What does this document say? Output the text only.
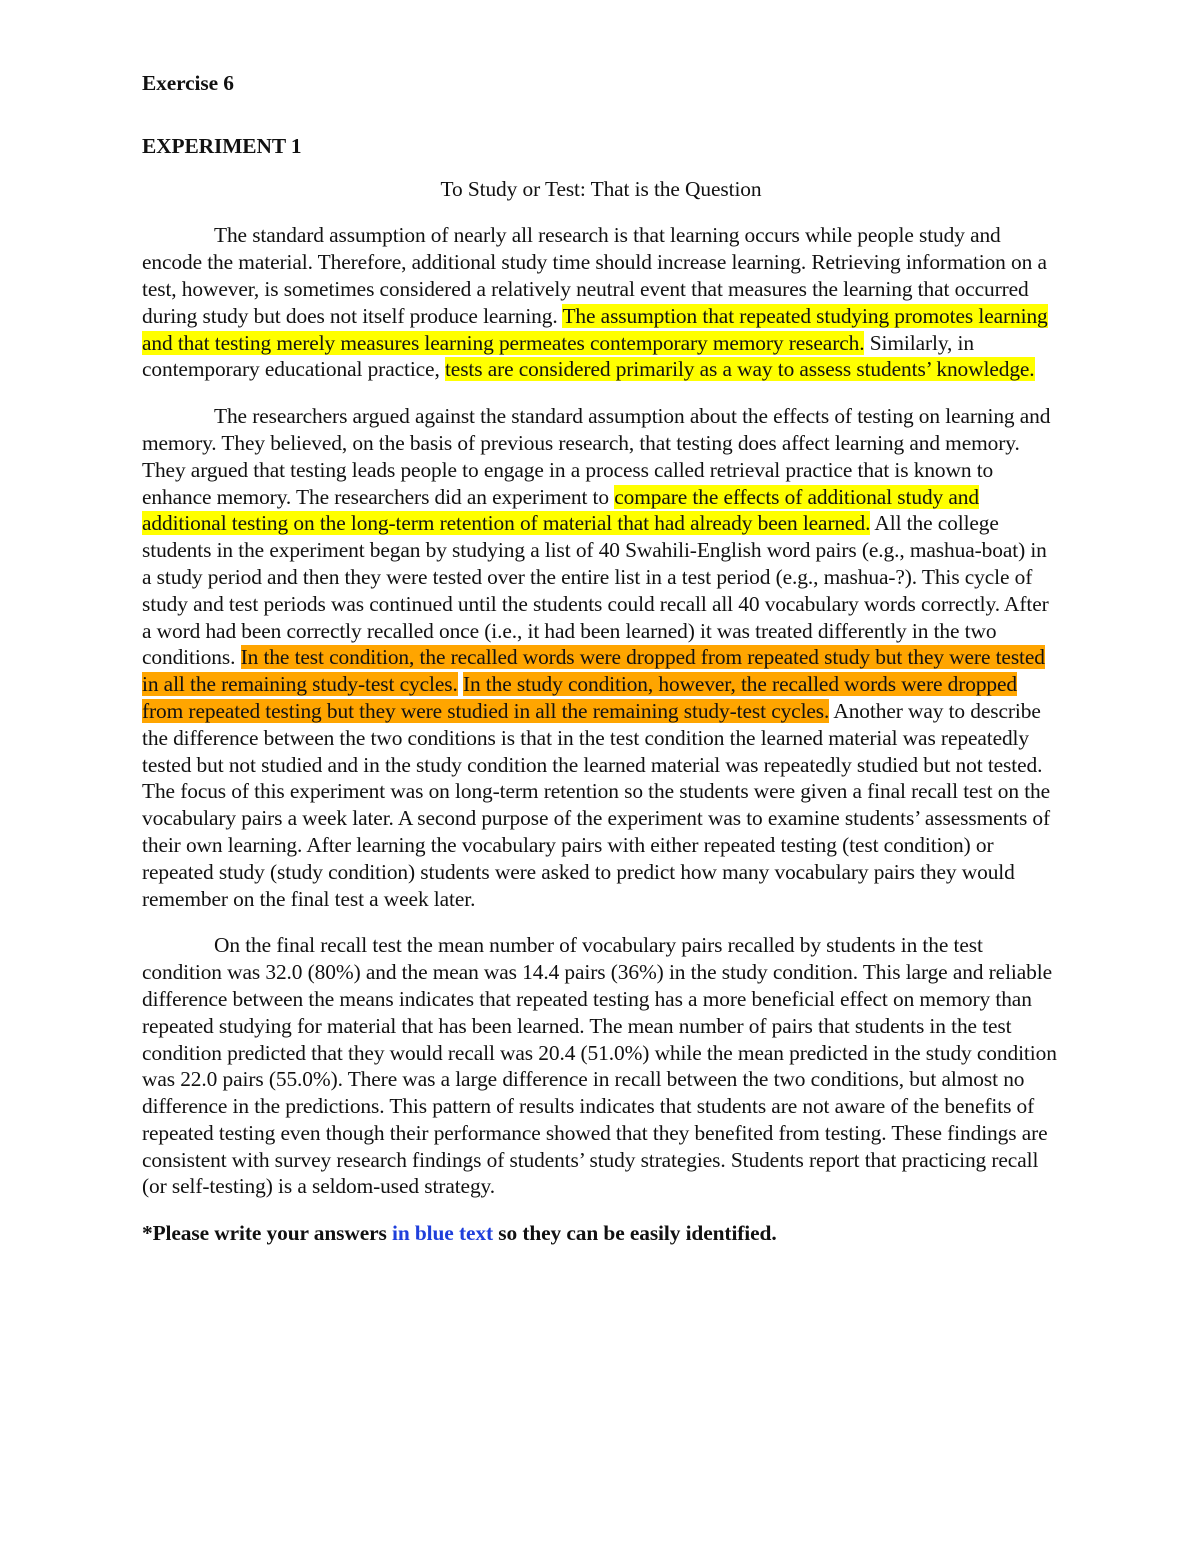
Exercise 6

EXPERIMENT 1

To Study or Test: That is the Question

The standard assumption of nearly all research is that learning occurs while people study and encode the material. Therefore, additional study time should increase learning. Retrieving information on a test, however, is sometimes considered a relatively neutral event that measures the learning that occurred during study but does not itself produce learning. The assumption that repeated studying promotes learning and that testing merely measures learning permeates contemporary memory research. Similarly, in contemporary educational practice, tests are considered primarily as a way to assess students’ knowledge.

The researchers argued against the standard assumption about the effects of testing on learning and memory. They believed, on the basis of previous research, that testing does affect learning and memory. They argued that testing leads people to engage in a process called retrieval practice that is known to enhance memory. The researchers did an experiment to compare the effects of additional study and additional testing on the long-term retention of material that had already been learned. All the college students in the experiment began by studying a list of 40 Swahili-English word pairs (e.g., mashua-boat) in a study period and then they were tested over the entire list in a test period (e.g., mashua-?). This cycle of study and test periods was continued until the students could recall all 40 vocabulary words correctly. After a word had been correctly recalled once (i.e., it had been learned) it was treated differently in the two conditions. In the test condition, the recalled words were dropped from repeated study but they were tested in all the remaining study-test cycles. In the study condition, however, the recalled words were dropped from repeated testing but they were studied in all the remaining study-test cycles. Another way to describe the difference between the two conditions is that in the test condition the learned material was repeatedly tested but not studied and in the study condition the learned material was repeatedly studied but not tested. The focus of this experiment was on long-term retention so the students were given a final recall test on the vocabulary pairs a week later. A second purpose of the experiment was to examine students’ assessments of their own learning. After learning the vocabulary pairs with either repeated testing (test condition) or repeated study (study condition) students were asked to predict how many vocabulary pairs they would remember on the final test a week later.

On the final recall test the mean number of vocabulary pairs recalled by students in the test condition was 32.0 (80%) and the mean was 14.4 pairs (36%) in the study condition. This large and reliable difference between the means indicates that repeated testing has a more beneficial effect on memory than repeated studying for material that has been learned. The mean number of pairs that students in the test condition predicted that they would recall was 20.4 (51.0%) while the mean predicted in the study condition was 22.0 pairs (55.0%). There was a large difference in recall between the two conditions, but almost no difference in the predictions. This pattern of results indicates that students are not aware of the benefits of repeated testing even though their performance showed that they benefited from testing. These findings are consistent with survey research findings of students’ study strategies. Students report that practicing recall (or self-testing) is a seldom-used strategy.

*Please write your answers in blue text so they can be easily identified.
